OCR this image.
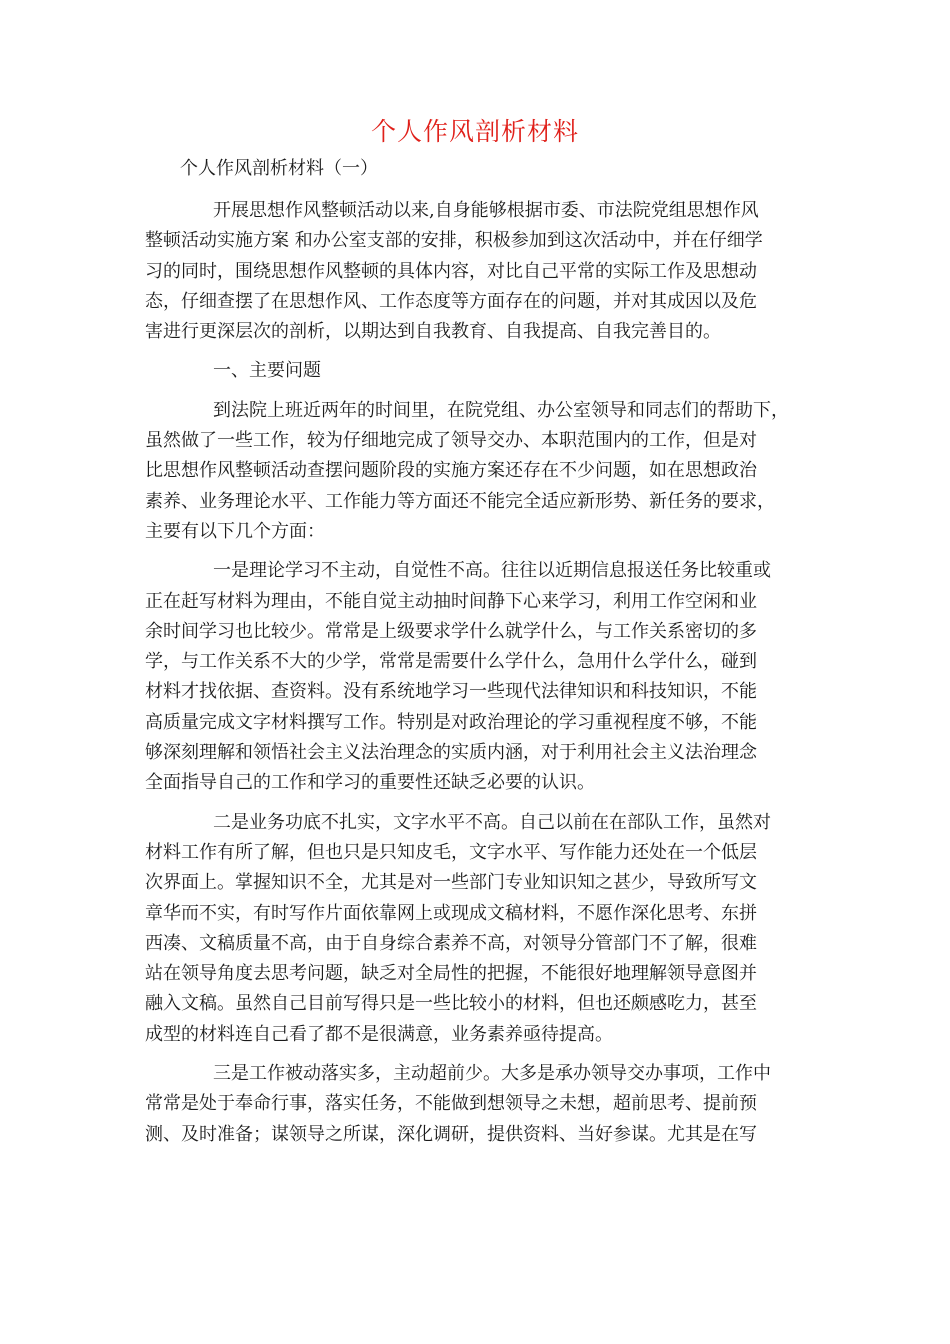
个人作风剖析材料

个人作风剖析材料（一）

开展思想作风整顿活动以来,自身能够根据市委、市法院党组思想作风
整顿活动实施方案 和办公室支部的安排，积极参加到这次活动中，并在仔细学
习的同时，围绕思想作风整顿的具体内容，对比自己平常的实际工作及思想动
态，仔细查摆了在思想作风、工作态度等方面存在的问题，并对其成因以及危
害进行更深层次的剖析，以期达到自我教育、自我提高、自我完善目的。

一、主要问题

到法院上班近两年的时间里，在院党组、办公室领导和同志们的帮助下，
虽然做了一些工作，较为仔细地完成了领导交办、本职范围内的工作，但是对
比思想作风整顿活动查摆问题阶段的实施方案还存在不少问题，如在思想政治
素养、业务理论水平、工作能力等方面还不能完全适应新形势、新任务的要求，
主要有以下几个方面：

一是理论学习不主动，自觉性不高。往往以近期信息报送任务比较重或
正在赶写材料为理由，不能自觉主动抽时间静下心来学习，利用工作空闲和业
余时间学习也比较少。常常是上级要求学什么就学什么，与工作关系密切的多
学，与工作关系不大的少学，常常是需要什么学什么，急用什么学什么，碰到
材料才找依据、查资料。没有系统地学习一些现代法律知识和科技知识，不能
高质量完成文字材料撰写工作。特别是对政治理论的学习重视程度不够，不能
够深刻理解和领悟社会主义法治理念的实质内涵，对于利用社会主义法治理念
全面指导自己的工作和学习的重要性还缺乏必要的认识。

二是业务功底不扎实，文字水平不高。自己以前在在部队工作，虽然对
材料工作有所了解，但也只是只知皮毛，文字水平、写作能力还处在一个低层
次界面上。掌握知识不全，尤其是对一些部门专业知识知之甚少，导致所写文
章华而不实，有时写作片面依靠网上或现成文稿材料，不愿作深化思考、东拼
西凑、文稿质量不高，由于自身综合素养不高，对领导分管部门不了解，很难
站在领导角度去思考问题，缺乏对全局性的把握，不能很好地理解领导意图并
融入文稿。虽然自己目前写得只是一些比较小的材料，但也还颇感吃力，甚至
成型的材料连自己看了都不是很满意，业务素养亟待提高。

三是工作被动落实多，主动超前少。大多是承办领导交办事项，工作中
常常是处于奉命行事，落实任务，不能做到想领导之未想，超前思考、提前预
测、及时准备；谋领导之所谋，深化调研，提供资料、当好参谋。尤其是在写
